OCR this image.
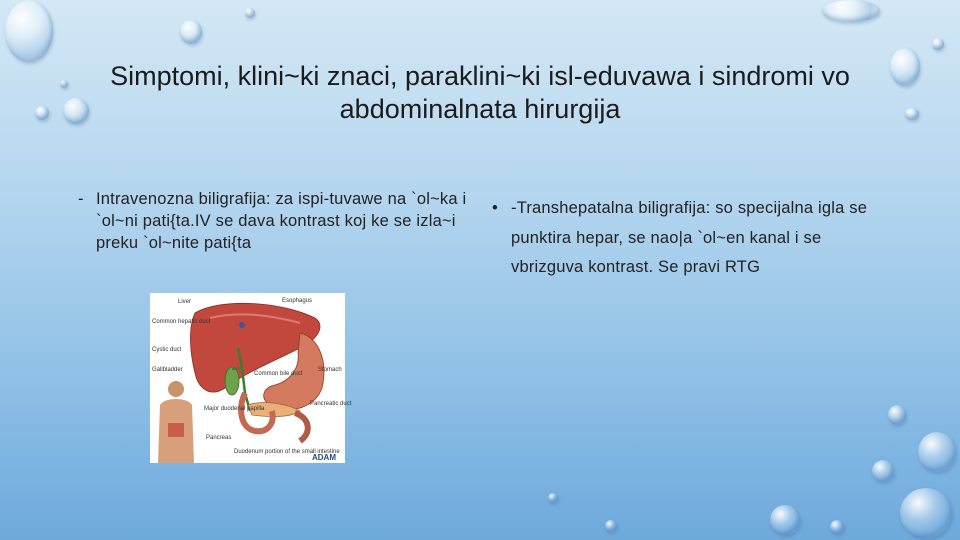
Simptomi, klini~ki znaci, paraklini~ki isl-eduvawa i sindromi vo abdominalnata hirurgija
- Intravenozna biligrafija: za ispi-tuvawe na `ol~ka i `ol~ni pati{ta.IV se dava kontrast koj ke se izla~i preku `ol~nite pati{ta
• -Transhepatalna biligrafija: so specijalna igla se punktira hepar, se nao|a `ol~en kanal i se vbrizguva kontrast. Se pravi RTG
Liver	Esophagus
Common hepatic duct
Cystic duct
Gallbladder
Common bile duct
Stomach
Pancreatic duct
Major duodenal papilla
Pancreas
Duodenum portion of the small intestine
ADAM
